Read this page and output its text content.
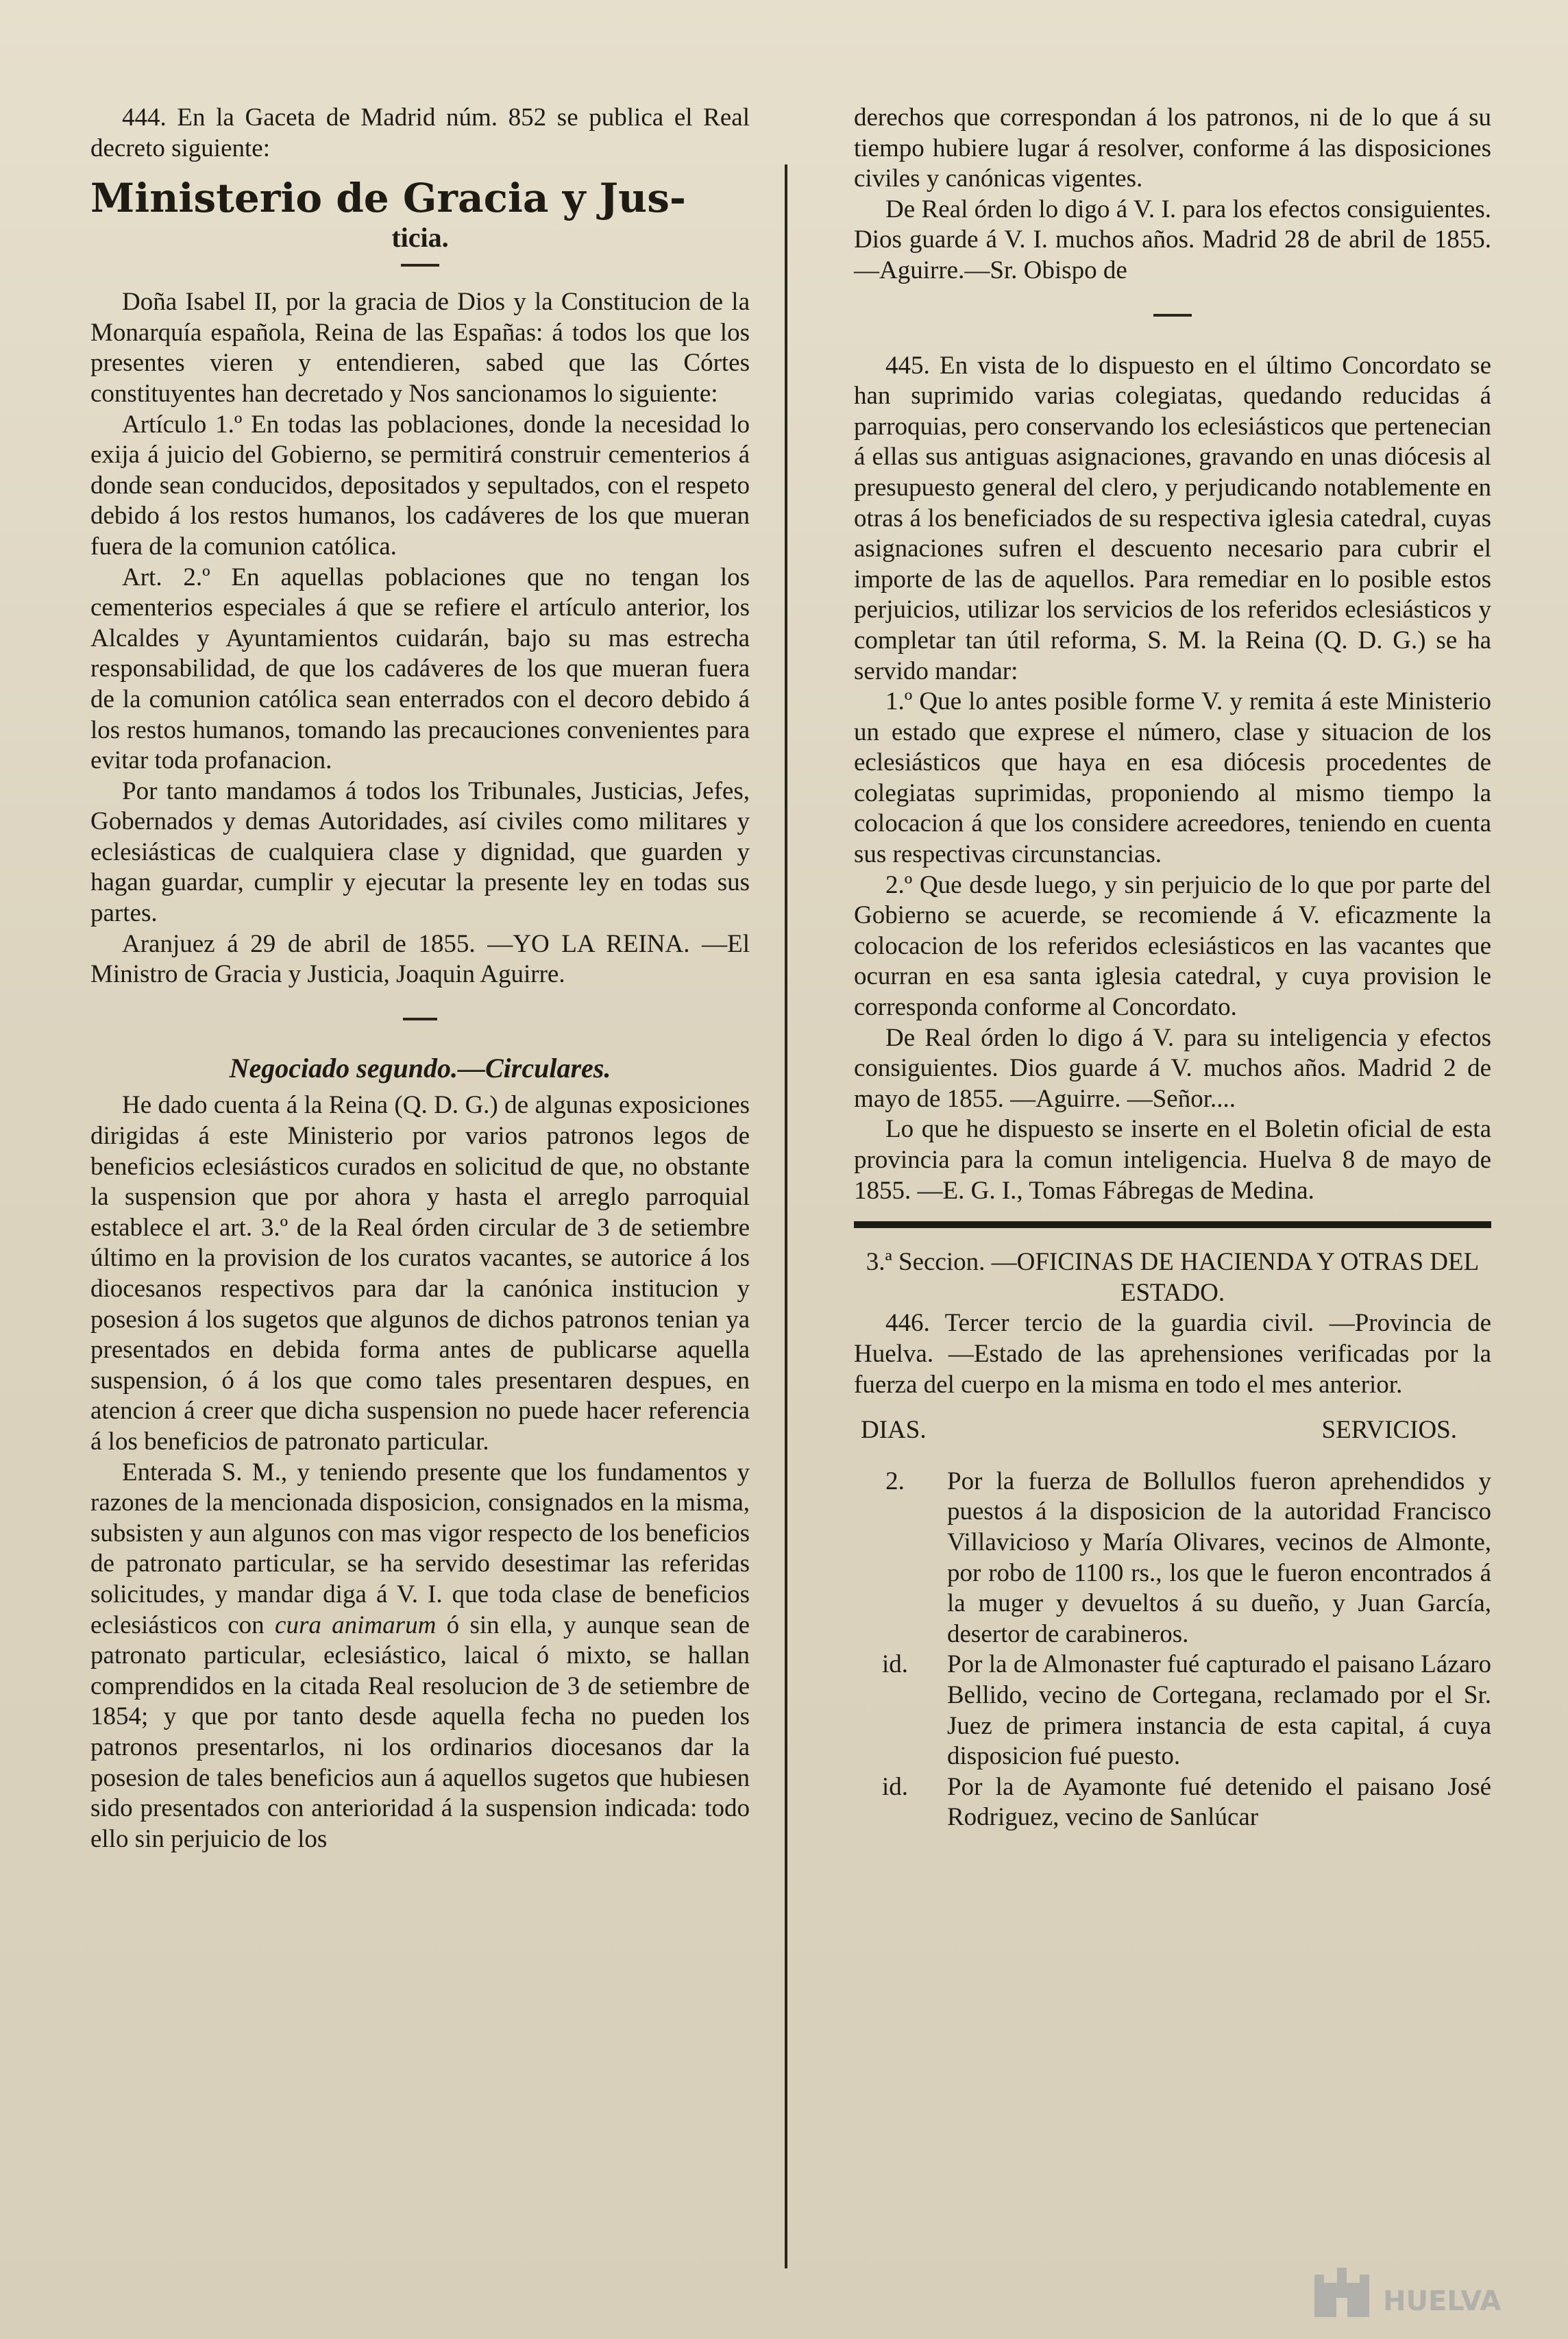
444. En la Gaceta de Madrid núm. 852 se publica el Real decreto siguiente:

Ministerio de Gracia y Jus-

ticia.

Doña Isabel II, por la gracia de Dios y la Constitucion de la Monarquía española, Reina de las Españas: á todos los que los presentes vieren y entendieren, sabed que las Córtes constituyentes han decretado y Nos sancionamos lo siguiente:

Artículo 1.º En todas las poblaciones, donde la necesidad lo exija á juicio del Gobierno, se permitirá construir cementerios á donde sean conducidos, depositados y sepultados, con el respeto debido á los restos humanos, los cadáveres de los que mueran fuera de la comunion católica.

Art. 2.º En aquellas poblaciones que no tengan los cementerios especiales á que se refiere el artículo anterior, los Alcaldes y Ayuntamientos cuidarán, bajo su mas estrecha responsabilidad, de que los cadáveres de los que mueran fuera de la comunion católica sean enterrados con el decoro debido á los restos humanos, tomando las precauciones convenientes para evitar toda profanacion.

Por tanto mandamos á todos los Tribunales, Justicias, Jefes, Gobernados y demas Autoridades, así civiles como militares y eclesiásticas de cualquiera clase y dignidad, que guarden y hagan guardar, cumplir y ejecutar la presente ley en todas sus partes.

Aranjuez á 29 de abril de 1855. —YO LA REINA. —El Ministro de Gracia y Justicia, Joaquin Aguirre.

Negociado segundo.—Circulares.

He dado cuenta á la Reina (Q. D. G.) de algunas exposiciones dirigidas á este Ministerio por varios patronos legos de beneficios eclesiásticos curados en solicitud de que, no obstante la suspension que por ahora y hasta el arreglo parroquial establece el art. 3.º de la Real órden circular de 3 de setiembre último en la provision de los curatos vacantes, se autorice á los diocesanos respectivos para dar la canónica institucion y posesion á los sugetos que algunos de dichos patronos tenian ya presentados en debida forma antes de publicarse aquella suspension, ó á los que como tales presentaren despues, en atencion á creer que dicha suspension no puede hacer referencia á los beneficios de patronato particular.

Enterada S. M., y teniendo presente que los fundamentos y razones de la mencionada disposicion, consignados en la misma, subsisten y aun algunos con mas vigor respecto de los beneficios de patronato particular, se ha servido desestimar las referidas solicitudes, y mandar diga á V. I. que toda clase de beneficios eclesiásticos con cura animarum ó sin ella, y aunque sean de patronato particular, eclesiástico, laical ó mixto, se hallan comprendidos en la citada Real resolucion de 3 de setiembre de 1854; y que por tanto desde aquella fecha no pueden los patronos presentarlos, ni los ordinarios diocesanos dar la posesion de tales beneficios aun á aquellos sugetos que hubiesen sido presentados con anterioridad á la suspension indicada: todo ello sin perjuicio de los

derechos que correspondan á los patronos, ni de lo que á su tiempo hubiere lugar á resolver, conforme á las disposiciones civiles y canónicas vigentes.

De Real órden lo digo á V. I. para los efectos consiguientes. Dios guarde á V. I. muchos años. Madrid 28 de abril de 1855. —Aguirre.—Sr. Obispo de

445. En vista de lo dispuesto en el último Concordato se han suprimido varias colegiatas, quedando reducidas á parroquias, pero conservando los eclesiásticos que pertenecian á ellas sus antiguas asignaciones, gravando en unas diócesis al presupuesto general del clero, y perjudicando notablemente en otras á los beneficiados de su respectiva iglesia catedral, cuyas asignaciones sufren el descuento necesario para cubrir el importe de las de aquellos. Para remediar en lo posible estos perjuicios, utilizar los servicios de los referidos eclesiásticos y completar tan útil reforma, S. M. la Reina (Q. D. G.) se ha servido mandar:

1.º Que lo antes posible forme V. y remita á este Ministerio un estado que exprese el número, clase y situacion de los eclesiásticos que haya en esa diócesis procedentes de colegiatas suprimidas, proponiendo al mismo tiempo la colocacion á que los considere acreedores, teniendo en cuenta sus respectivas circunstancias.

2.º Que desde luego, y sin perjuicio de lo que por parte del Gobierno se acuerde, se recomiende á V. eficazmente la colocacion de los referidos eclesiásticos en las vacantes que ocurran en esa santa iglesia catedral, y cuya provision le corresponda conforme al Concordato.

De Real órden lo digo á V. para su inteligencia y efectos consiguientes. Dios guarde á V. muchos años. Madrid 2 de mayo de 1855. —Aguirre. —Señor....

Lo que he dispuesto se inserte en el Boletin oficial de esta provincia para la comun inteligencia. Huelva 8 de mayo de 1855. —E. G. I., Tomas Fábregas de Medina.

3.ª Seccion. —OFICINAS DE HACIENDA Y OTRAS DEL ESTADO.

446. Tercer tercio de la guardia civil. —Provincia de Huelva. —Estado de las aprehensiones verificadas por la fuerza del cuerpo en la misma en todo el mes anterior.

DIAS.	SERVICIOS.
2.	Por la fuerza de Bollullos fueron aprehendidos y puestos á la disposicion de la autoridad Francisco Villavicioso y María Olivares, vecinos de Almonte, por robo de 1100 rs., los que le fueron encontrados á la muger y devueltos á su dueño, y Juan García, desertor de carabineros.
id.	Por la de Almonaster fué capturado el paisano Lázaro Bellido, vecino de Cortegana, reclamado por el Sr. Juez de primera instancia de esta capital, á cuya disposicion fué puesto.
id.	Por la de Ayamonte fué detenido el paisano José Rodriguez, vecino de Sanlúcar
HUELVA
